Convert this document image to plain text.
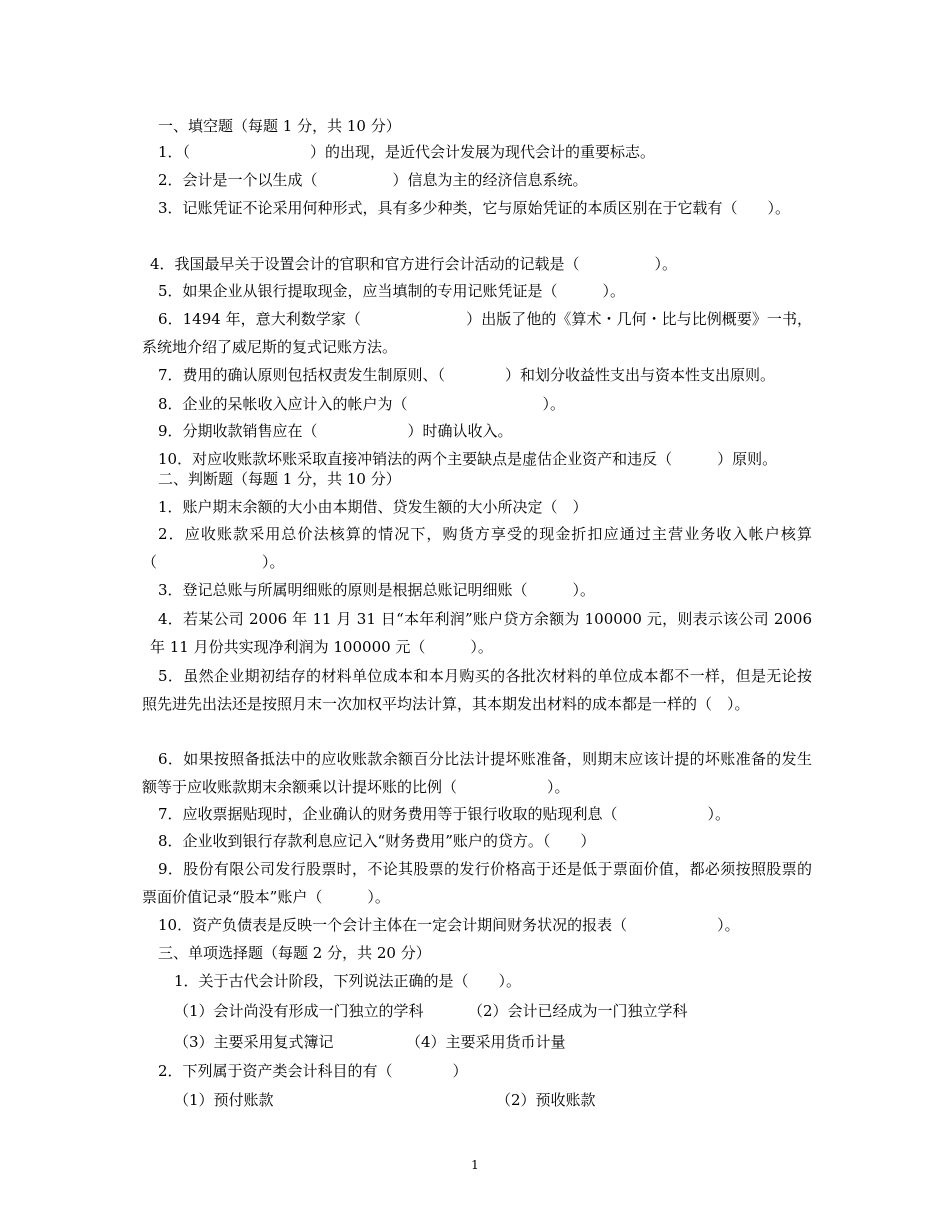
一、填空题（每题 1 分，共 10 分）
1．（　　　　　　　　）的出现，是近代会计发展为现代会计的重要标志。
2．会计是一个以生成（　　　　　）信息为主的经济信息系统。
3．记账凭证不论采用何种形式，具有多少种类，它与原始凭证的本质区别在于它载有（　　）。
4．我国最早关于设置会计的官职和官方进行会计活动的记载是（　　　　　）。
5．如果企业从银行提取现金，应当填制的专用记账凭证是（　　　）。
6．1494 年，意大利数学家（　　　　　　　）出版了他的《算术・几何・比与比例概要》一书，系统地介绍了威尼斯的复式记账方法。
7．费用的确认原则包括权责发生制原则、（　　　　）和划分收益性支出与资本性支出原则。
8．企业的呆帐收入应计入的帐户为（　　　　　　　　　）。
9．分期收款销售应在（　　　　　　）时确认收入。
10．对应收账款坏账采取直接冲销法的两个主要缺点是虚估企业资产和违反（　　　）原则。
二、判断题（每题 1 分，共 10 分）
1．账户期末余额的大小由本期借、贷发生额的大小所决定（　）
2．应收账款采用总价法核算的情况下，购货方享受的现金折扣应通过主营业务收入帐户核算（　　　　　　　）。
3．登记总账与所属明细账的原则是根据总账记明细账（　　　）。
4．若某公司 2006 年 11 月 31 日“本年利润”账户贷方余额为 100000 元，则表示该公司 2006 年 11 月份共实现净利润为 100000 元（　　　）。
5．虽然企业期初结存的材料单位成本和本月购买的各批次材料的单位成本都不一样，但是无论按照先进先出法还是按照月末一次加权平均法计算，其本期发出材料的成本都是一样的（　）。
6．如果按照备抵法中的应收账款余额百分比法计提坏账准备，则期末应该计提的坏账准备的发生额等于应收账款期末余额乘以计提坏账的比例（　　　　　　）。
7．应收票据贴现时，企业确认的财务费用等于银行收取的贴现利息（　　　　　　）。
8．企业收到银行存款利息应记入“财务费用”账户的贷方。（　　）
9．股份有限公司发行股票时，不论其股票的发行价格高于还是低于票面价值，都必须按照股票的票面价值记录“股本”账户（　　　）。
10．资产负债表是反映一个会计主体在一定会计期间财务状况的报表（　　　　　　）。
三、单项选择题（每题 2 分，共 20 分）
1．关于古代会计阶段，下列说法正确的是（　　）。
（1）会计尚没有形成一门独立的学科	（2）会计已经成为一门独立学科
（3）主要采用复式簿记	（4）主要采用货币计量
2．下列属于资产类会计科目的有（　　　　）
（1）预付账款	（2）预收账款
1
